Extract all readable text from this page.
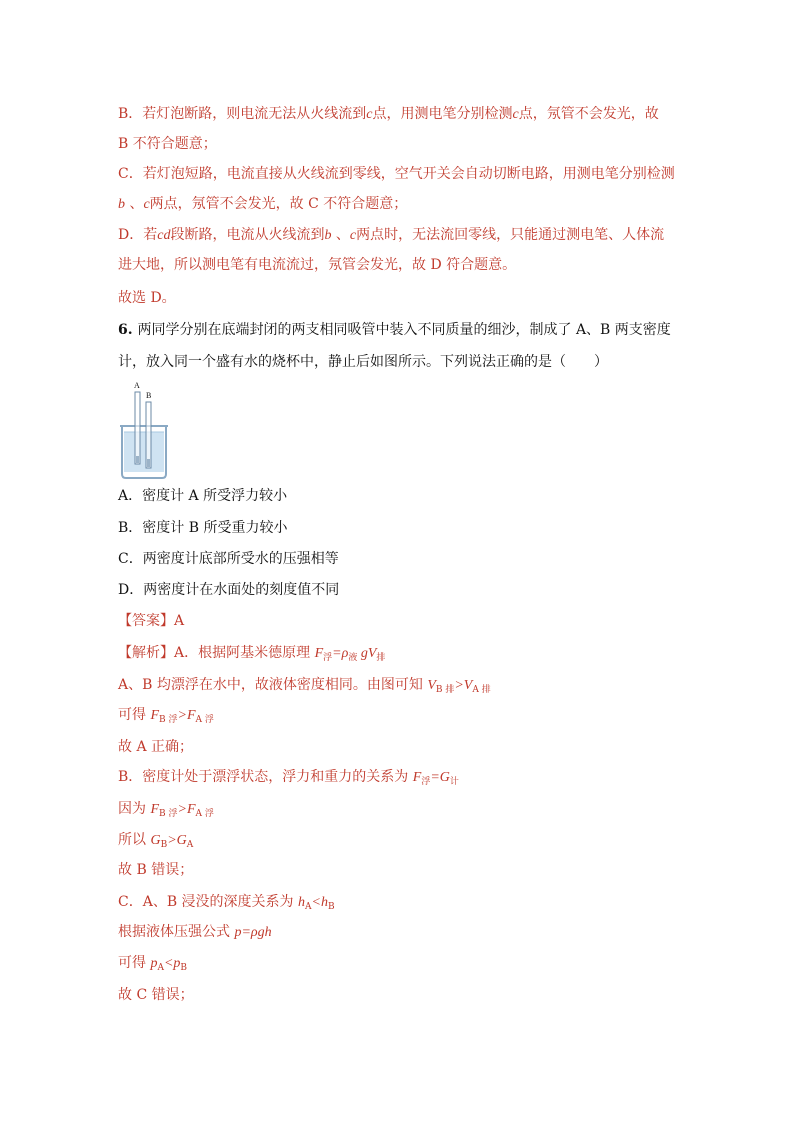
B．若灯泡断路，则电流无法从火线流到c点，用测电笔分别检测c点，氖管不会发光，故
B 不符合题意；
C．若灯泡短路，电流直接从火线流到零线，空气开关会自动切断电路，用测电笔分别检测
b 、c两点，氖管不会发光，故 C 不符合题意；
D．若cd段断路，电流从火线流到b 、c两点时，无法流回零线，只能通过测电笔、人体流
进大地，所以测电笔有电流流过，氖管会发光，故 D 符合题意。
故选 D。
6. 两同学分别在底端封闭的两支相同吸管中装入不同质量的细沙，制成了 A、B 两支密度
计，放入同一个盛有水的烧杯中，静止后如图所示。下列说法正确的是（　　）
A．密度计 A 所受浮力较小
B．密度计 B 所受重力较小
C．两密度计底部所受水的压强相等
D．两密度计在水面处的刻度值不同
【答案】A
【解析】A．根据阿基米德原理 $F_浮=\rho_液$ $gV_排$
A、B 均漂浮在水中，故液体密度相同。由图可知 $V_{B 排}>V_{A 排}$
可得 $F_{B 浮}>F_{A 浮}$
故 A 正确；
B．密度计处于漂浮状态，浮力和重力的关系为 $F_浮=G_计$
因为 $F_{B 浮}>F_{A 浮}$
所以 $G_B>G_A$
故 B 错误；
C．A、B 浸没的深度关系为 $h_A<h_B$
根据液体压强公式 p=ρgh
可得 $p_A<p_B$
故 C 错误；
A
B
